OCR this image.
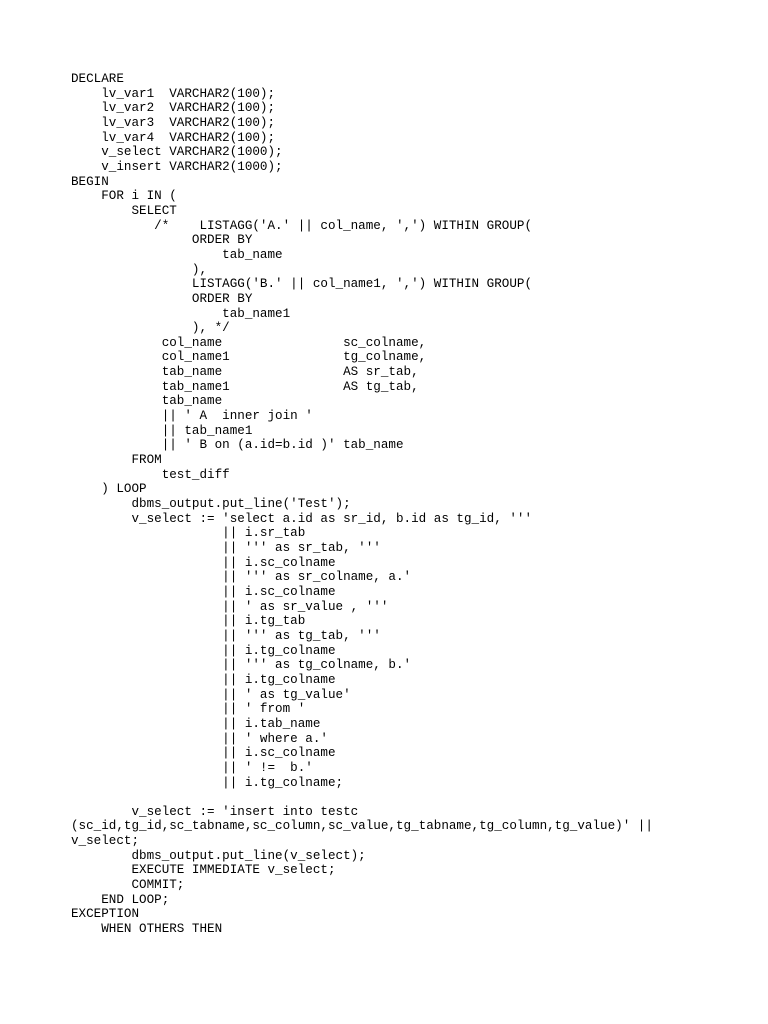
DECLARE
lv_var1  VARCHAR2(100);
lv_var2  VARCHAR2(100);
lv_var3  VARCHAR2(100);
lv_var4  VARCHAR2(100);
v_select VARCHAR2(1000);
v_insert VARCHAR2(1000);
BEGIN
FOR i IN (
SELECT
/*    LISTAGG('A.' || col_name, ',') WITHIN GROUP(
ORDER BY
tab_name
),
LISTAGG('B.' || col_name1, ',') WITHIN GROUP(
ORDER BY
tab_name1
), */
col_name                sc_colname,
col_name1               tg_colname,
tab_name                AS sr_tab,
tab_name1               AS tg_tab,
tab_name
|| ' A  inner join '
|| tab_name1
|| ' B on (a.id=b.id )' tab_name
FROM
test_diff
) LOOP
dbms_output.put_line('Test');
v_select := 'select a.id as sr_id, b.id as tg_id, '''
|| i.sr_tab
|| ''' as sr_tab, '''
|| i.sc_colname
|| ''' as sr_colname, a.'
|| i.sc_colname
|| ' as sr_value , '''
|| i.tg_tab
|| ''' as tg_tab, '''
|| i.tg_colname
|| ''' as tg_colname, b.'
|| i.tg_colname
|| ' as tg_value'
|| ' from '
|| i.tab_name
|| ' where a.'
|| i.sc_colname
|| ' !=  b.'
|| i.tg_colname;
v_select := 'insert into testc
(sc_id,tg_id,sc_tabname,sc_column,sc_value,tg_tabname,tg_column,tg_value)' ||
v_select;
dbms_output.put_line(v_select);
EXECUTE IMMEDIATE v_select;
COMMIT;
END LOOP;
EXCEPTION
WHEN OTHERS THEN
